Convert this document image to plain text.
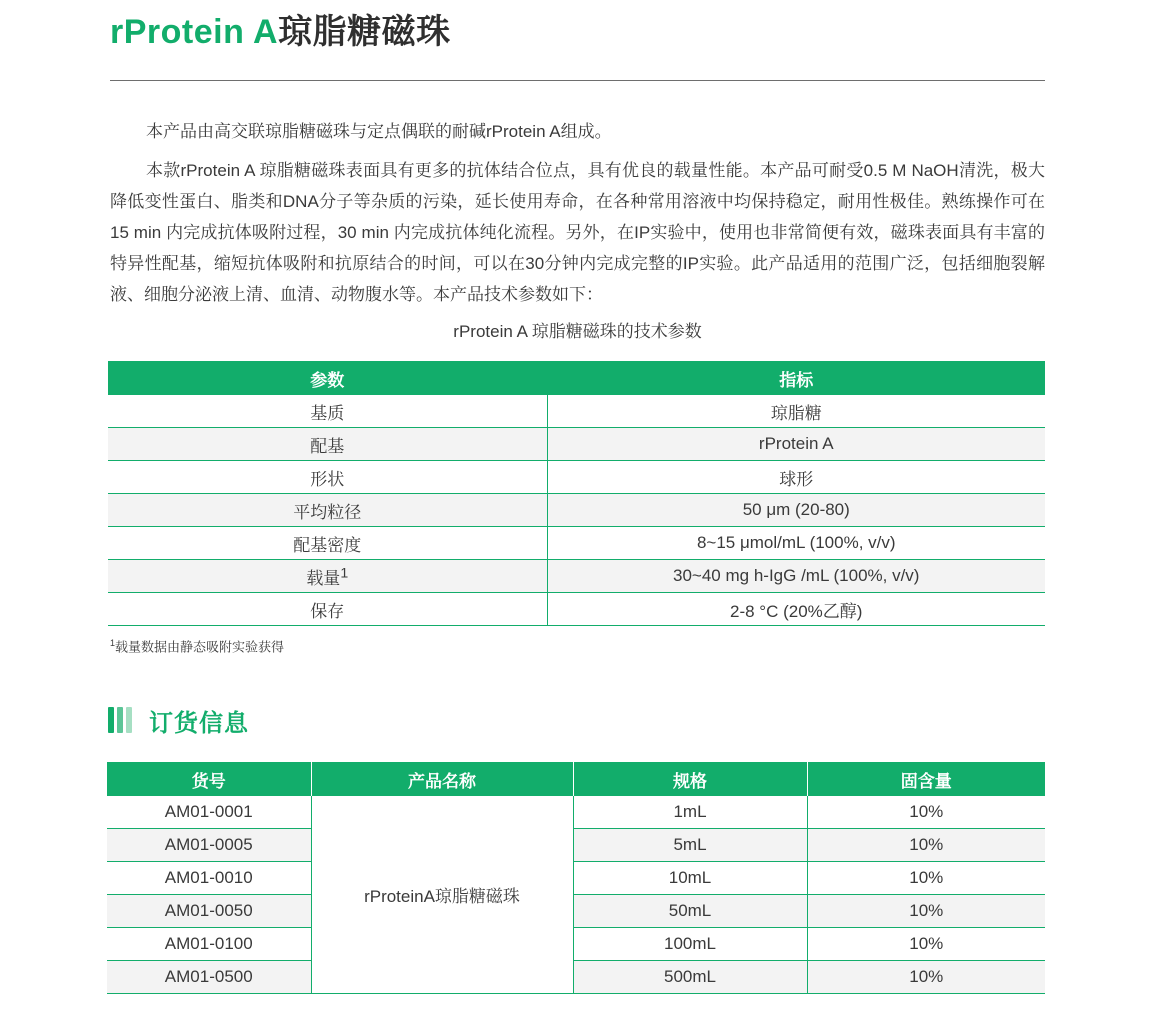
rProtein A琼脂糖磁珠

本产品由高交联琼脂糖磁珠与定点偶联的耐碱rProtein A组成。

本款rProtein A 琼脂糖磁珠表面具有更多的抗体结合位点，具有优良的载量性能。本产品可耐受0.5 M NaOH清洗，极大降低变性蛋白、脂类和DNA分子等杂质的污染，延长使用寿命，在各种常用溶液中均保持稳定，耐用性极佳。熟练操作可在15 min 内完成抗体吸附过程，30 min 内完成抗体纯化流程。另外，在IP实验中，使用也非常简便有效，磁珠表面具有丰富的特异性配基，缩短抗体吸附和抗原结合的时间，可以在30分钟内完成完整的IP实验。此产品适用的范围广泛，包括细胞裂解液、细胞分泌液上清、血清、动物腹水等。本产品技术参数如下：

rProtein A 琼脂糖磁珠的技术参数
参数	指标
基质	琼脂糖
配基	rProtein A
形状	球形
平均粒径	50 μm (20-80)
配基密度	8~15 μmol/mL (100%, v/v)
载量$^1$	30~40 mg h-IgG /mL (100%, v/v)
保存	2-8 °C (20%乙醇)
$^1$载量数据由静态吸附实验获得
订货信息
货号	产品名称	规格	固含量
AM01-0001	rProteinA琼脂糖磁珠	1mL	10%
AM01-0005		5mL	10%
AM01-0010		10mL	10%
AM01-0050		50mL	10%
AM01-0100		100mL	10%
AM01-0500		500mL	10%
